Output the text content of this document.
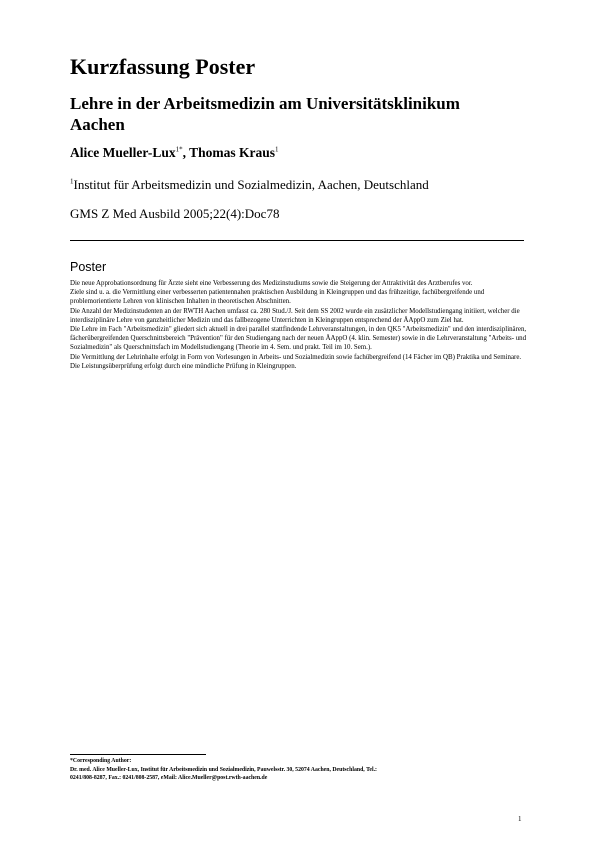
Kurzfassung Poster
Lehre in der Arbeitsmedizin am Universitätsklinikum Aachen
Alice Mueller-Lux$^{1*}$, Thomas Kraus$^1$
$^1$Institut für Arbeitsmedizin und Sozialmedizin, Aachen, Deutschland
GMS Z Med Ausbild 2005;22(4):Doc78
Poster

Die neue Approbationsordnung für Ärzte sieht eine Verbesserung des Medizinstudiums sowie die Steigerung der Attraktivität des Arztberufes vor.

Ziele sind u. a. die Vermittlung einer verbesserten patientennahen praktischen Ausbildung in Kleingruppen und das frühzeitige, fachübergreifende und problemorientierte Lehren von klinischen Inhalten in theoretischen Abschnitten.

Die Anzahl der Medizinstudenten an der RWTH Aachen umfasst ca. 280 Stud./J. Seit dem SS 2002 wurde ein zusätzlicher Modellstudiengang initiiert, welcher die interdisziplinäre Lehre von ganzheitlicher Medizin und das fallbezogene Unterrichten in Kleingruppen entsprechend der ÄAppO zum Ziel hat.

Die Lehre im Fach "Arbeitsmedizin" gliedert sich aktuell in drei parallel stattfindende Lehrveranstaltungen, in den QK5 "Arbeitsmedizin" und den interdisziplinären, fächerübergreifenden Querschnittsbereich "Prävention" für den Studiengang nach der neuen ÄAppO (4. klin. Semester) sowie in die Lehrveranstaltung "Arbeits- und Sozialmedizin" als Querschnittsfach im Modellstudiengang (Theorie im 4. Sem. und prakt. Teil im 10. Sem.).

Die Vermittlung der Lehrinhalte erfolgt in Form von Vorlesungen in Arbeits- und Sozialmedizin sowie fachübergreifend (14 Fächer im QB) Praktika und Seminare.

Die Leistungsüberprüfung erfolgt durch eine mündliche Prüfung in Kleingruppen.

*Corresponding Author:
Dr. med. Alice Mueller-Lux, Institut für Arbeitsmedizin und Sozialmedizin, Pauwelsstr. 30, 52074 Aachen, Deutschland, Tel.:
0241/808-8287, Fax.: 0241/808-2587, eMail: Alice.Mueller@post.rwth-aachen.de
1
